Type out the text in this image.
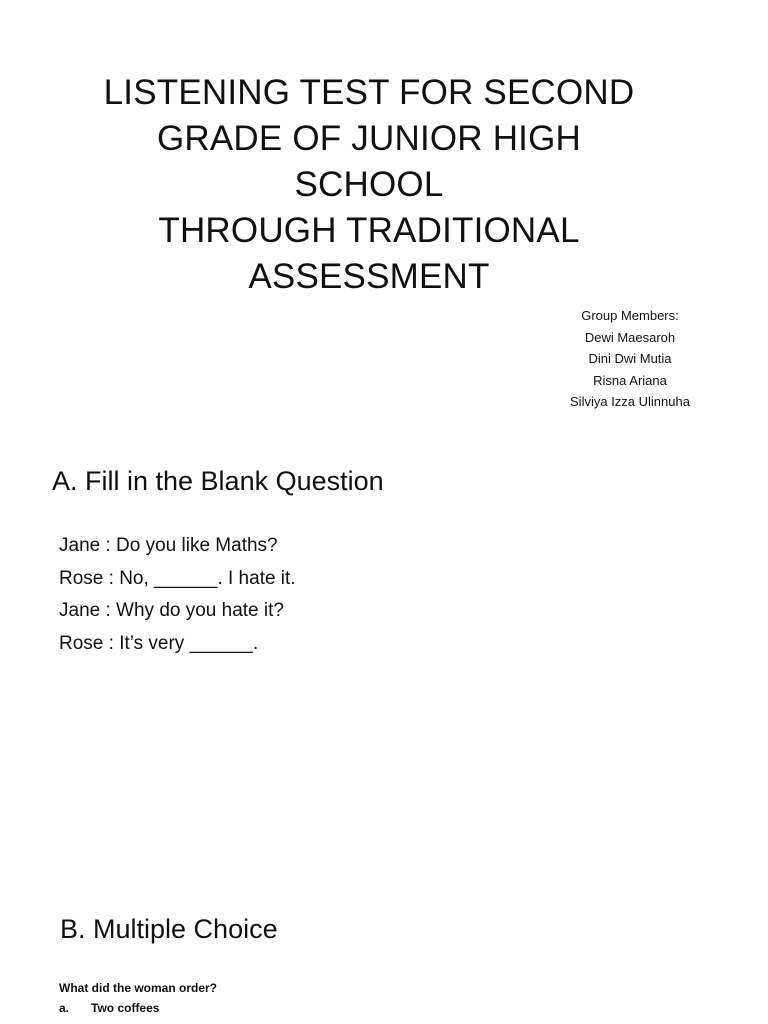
LISTENING TEST FOR SECOND
GRADE OF JUNIOR HIGH
SCHOOL
THROUGH TRADITIONAL
ASSESSMENT
Group Members:
Dewi Maesaroh
Dini Dwi Mutia
Risna Ariana
Silviya Izza Ulinnuha
A. Fill in the Blank Question
Jane : Do you like Maths?
Rose : No, ______. I hate it.
Jane : Why do you hate it?
Rose : It’s very ______.
B. Multiple Choice
What did the woman order?
a. Two coffees
